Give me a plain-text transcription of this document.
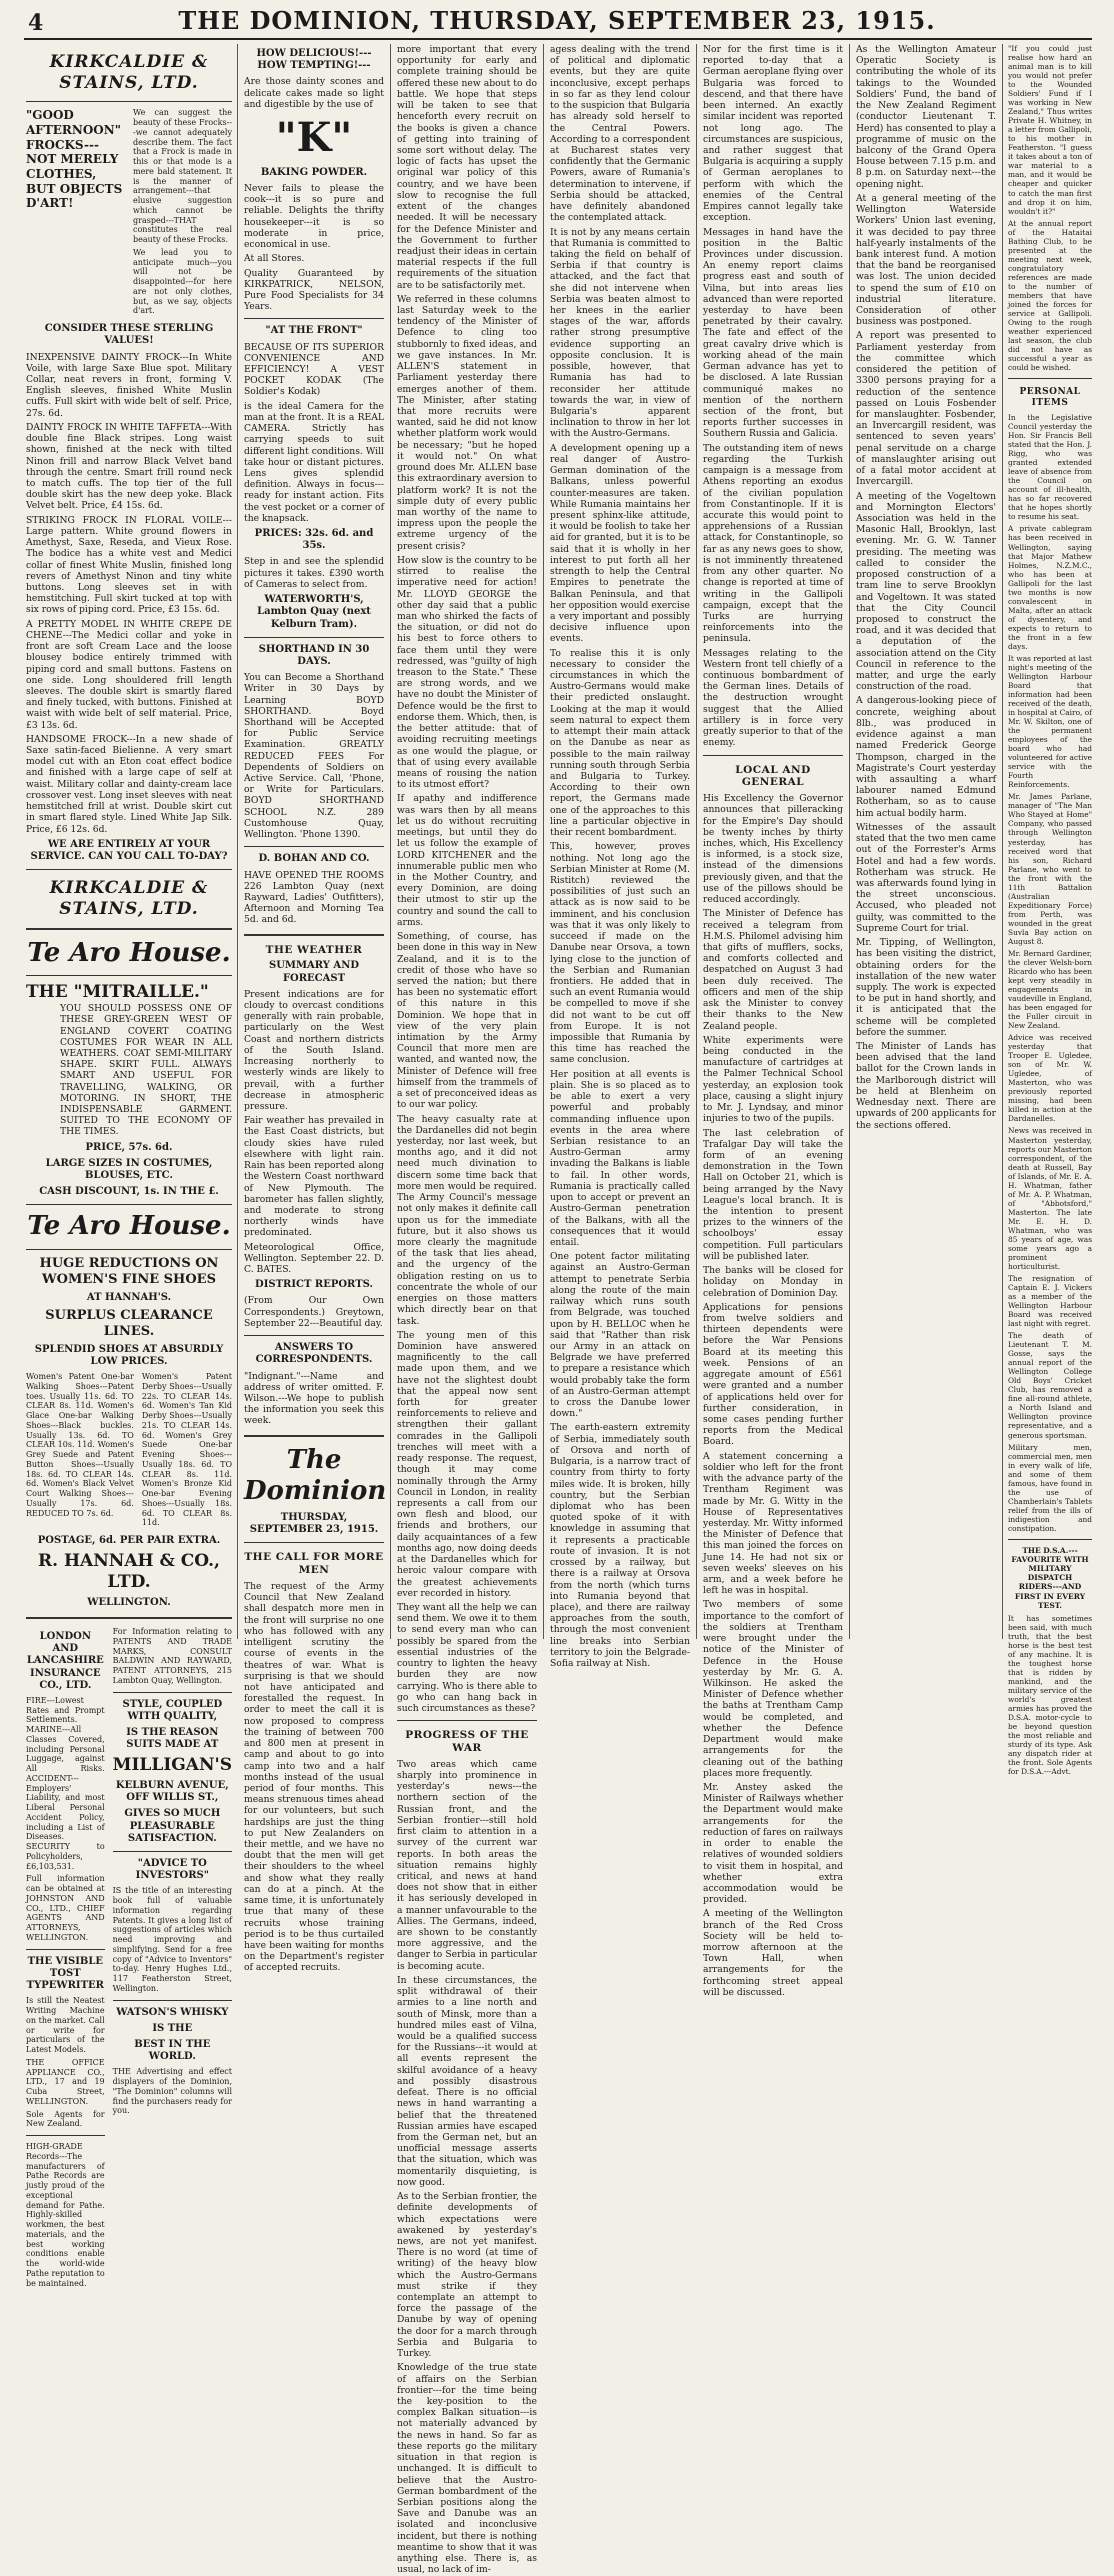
4	THE DOMINION, THURSDAY, SEPTEMBER 23, 1915.
KIRKCALDIE & STAINS, LTD.
"GOOD AFTERNOON" FROCKS---NOT MERELY CLOTHES, BUT OBJECTS D'ART!

We can suggest the beauty of these Frocks---we cannot adequately describe them. The fact that a Frock is made in this or that mode is a mere bald statement. It is the manner of arrangement---that elusive suggestion which cannot be grasped---THAT constitutes the real beauty of these Frocks.

We lead you to anticipate much---you will not be disappointed---for here are not only clothes, but, as we say, objects d'art.

CONSIDER THESE STERLING VALUES!

INEXPENSIVE DAINTY FROCK---In White Voile, with large Saxe Blue spot. Military Collar, neat revers in front, forming V. English sleeves, finished White Muslin cuffs. Full skirt with wide belt of self. Price, 27s. 6d.

DAINTY FROCK IN WHITE TAFFETA---With double fine Black stripes. Long waist shown, finished at the neck with tilted Ninon frill and narrow Black Velvet band through the centre. Smart frill round neck to match cuffs. The top tier of the full double skirt has the new deep yoke. Black Velvet belt. Price, £4 15s. 6d.

STRIKING FROCK IN FLORAL VOILE---Large pattern. White ground flowers in Amethyst, Saxe, Reseda, and Vieux Rose. The bodice has a white vest and Medici collar of finest White Muslin, finished long revers of Amethyst Ninon and tiny white buttons. Long sleeves set in with hemstitching. Full skirt tucked at top with six rows of piping cord. Price, £3 15s. 6d.

A PRETTY MODEL IN WHITE CREPE DE CHENE---The Medici collar and yoke in front are soft Cream Lace and the loose blousey bodice entirely trimmed with piping cord and small buttons. Fastens on one side. Long shouldered frill length sleeves. The double skirt is smartly flared and finely tucked, with buttons. Finished at waist with wide belt of self material. Price, £3 13s. 6d.

HANDSOME FROCK---In a new shade of Saxe satin-faced Bielienne. A very smart model cut with an Eton coat effect bodice and finished with a large cape of self at waist. Military collar and dainty-cream lace crossover vest. Long inset sleeves with neat hemstitched frill at wrist. Double skirt cut in smart flared style. Lined White Jap Silk. Price, £6 12s. 6d.

WE ARE ENTIRELY AT YOUR SERVICE. CAN YOU CALL TO-DAY?
KIRKCALDIE & STAINS, LTD.
Te Aro House.
THE "MITRAILLE."

YOU SHOULD POSSESS ONE OF THESE GREY-GREEN WEST OF ENGLAND COVERT COATING COSTUMES FOR WEAR IN ALL WEATHERS. COAT SEMI-MILITARY SHAPE. SKIRT FULL. ALWAYS SMART AND USEFUL FOR TRAVELLING, WALKING, OR MOTORING. IN SHORT, THE INDISPENSABLE GARMENT. SUITED TO THE ECONOMY OF THE TIMES.

PRICE, 57s. 6d.
LARGE SIZES IN COSTUMES, BLOUSES, ETC.
CASH DISCOUNT, 1s. IN THE £.
Te Aro House.
HUGE REDUCTIONS ON WOMEN'S FINE SHOES
AT HANNAH'S.
SURPLUS CLEARANCE LINES.
SPLENDID SHOES AT ABSURDLY LOW PRICES.

Women's Patent One-bar Walking Shoes---Patent toes. Usually 11s. 6d. TO CLEAR 8s. 11d. Women's Glace One-bar Walking Shoes---Black buckles. Usually 13s. 6d. TO CLEAR 10s. 11d. Women's Grey Suede and Patent Button Shoes---Usually 18s. 6d. TO CLEAR 14s. 6d. Women's Black Velvet Court Walking Shoes---Usually 17s. 6d. REDUCED TO 7s. 6d.

Women's Patent Derby Shoes---Usually 22s. TO CLEAR 14s. 6d. Women's Tan Kid Derby Shoes---Usually 21s. TO CLEAR 14s. 6d. Women's Grey Suede One-bar Evening Shoes---Usually 18s. 6d. TO CLEAR 8s. 11d. Women's Bronze Kid One-bar Evening Shoes---Usually 18s. 6d. TO CLEAR 8s. 11d.

POSTAGE, 6d. PER PAIR EXTRA.
R. HANNAH & CO., LTD.
WELLINGTON.
LONDON AND LANCASHIRE INSURANCE CO., LTD.

FIRE---Lowest Rates and Prompt Settlements. MARINE---All Classes Covered, including Personal Luggage, against All Risks. ACCIDENT---Employers' Liability, and most Liberal Personal Accident Policy, including a List of Diseases. SECURITY to Policyholders, £6,103,531.

Full information can be obtained at JOHNSTON AND CO., LTD., CHIEF AGENTS AND ATTORNEYS, WELLINGTON.

THE VISIBLE TOST TYPEWRITER

Is still the Neatest Writing Machine on the market. Call or write for particulars of the Latest Models.

THE OFFICE APPLIANCE CO., LTD., 17 and 19 Cuba Street, WELLINGTON.

Sole Agents for New Zealand.

HIGH-GRADE Records---The manufacturers of Pathe Records are justly proud of the exceptional demand for Pathe. Highly-skilled workmen, the best materials, and the best working conditions enable the world-wide Pathe reputation to be maintained.

For Information relating to PATENTS AND TRADE MARKS, CONSULT BALDWIN AND RAYWARD, PATENT ATTORNEYS, 215 Lambton Quay, Wellington.

STYLE, COUPLED WITH QUALITY,
IS THE REASON SUITS MADE AT
MILLIGAN'S
KELBURN AVENUE, OFF WILLIS ST.,
GIVES SO MUCH PLEASURABLE SATISFACTION.
"ADVICE TO INVESTORS"

IS the title of an interesting book full of valuable information regarding Patents. It gives a long list of suggestions of articles which need improving and simplifying. Send for a free copy of "Advice to Inventors" to-day. Henry Hughes Ltd., 117 Featherston Street, Wellington.

WATSON'S WHISKY
IS THE
BEST IN THE WORLD.

THE Advertising and effect displayers of the Dominion, "The Dominion" columns will find the purchasers ready for you.

HOW DELICIOUS!--- HOW TEMPTING!---

Are those dainty scones and delicate cakes made so light and digestible by the use of

"K"
BAKING POWDER.

Never fails to please the cook---it is so pure and reliable. Delights the thrifty housekeeper---it is so moderate in price, economical in use.

At all Stores.

Quality Guaranteed by KIRKPATRICK, NELSON, Pure Food Specialists for 34 Years.

"AT THE FRONT"

BECAUSE OF ITS SUPERIOR CONVENIENCE AND EFFICIENCY! A VEST POCKET KODAK (The Soldier's Kodak)

is the ideal Camera for the man at the front. It is a REAL CAMERA. Strictly has carrying speeds to suit different light conditions. Will take hour or distant pictures. Lens gives splendid definition. Always in focus---ready for instant action. Fits the vest pocket or a corner of the knapsack.

PRICES: 32s. 6d. and 35s.

Step in and see the splendid pictures it takes. £390 worth of Cameras to select from.

WATERWORTH'S, Lambton Quay (next Kelburn Tram).
SHORTHAND IN 30 DAYS.

You can Become a Shorthand Writer in 30 Days by Learning BOYD SHORTHAND. Boyd Shorthand will be Accepted for Public Service Examination. GREATLY REDUCED FEES For Dependents of Soldiers on Active Service. Call, 'Phone, or Write for Particulars. BOYD SHORTHAND SCHOOL N.Z. 289 Customhouse Quay, Wellington. 'Phone 1390.

D. BOHAN AND CO.

HAVE OPENED THE ROOMS 226 Lambton Quay (next Rayward, Ladies' Outfitters), Afternoon and Morning Tea 5d. and 6d.

THE WEATHER
SUMMARY AND FORECAST

Present indications are for cloudy to overcast conditions generally with rain probable, particularly on the West Coast and northern districts of the South Island. Increasing northerly to westerly winds are likely to prevail, with a further decrease in atmospheric pressure.

Fair weather has prevailed in the East Coast districts, but cloudy skies have ruled elsewhere with light rain. Rain has been reported along the Western Coast northward of New Plymouth. The barometer has fallen slightly, and moderate to strong northerly winds have predominated.

Meteorological Office, Wellington. September 22. D. C. BATES.

DISTRICT REPORTS.

(From Our Own Correspondents.) Greytown, September 22---Beautiful day.

ANSWERS TO CORRESPONDENTS.

"Indignant."---Name and address of writer omitted. F. Wilson.---We hope to publish the information you seek this week.

The Dominion
THURSDAY, SEPTEMBER 23, 1915.
THE CALL FOR MORE MEN

The request of the Army Council that New Zealand shall despatch more men in the front will surprise no one who has followed with any intelligent scrutiny the course of events in the theatres of war. What is surprising is that we should not have anticipated and forestalled the request. In order to meet the call it is now proposed to compress the training of between 700 and 800 men at present in camp and about to go into camp into two and a half months instead of the usual period of four months. This means strenuous times ahead for our volunteers, but such hardships are just the thing to put New Zealanders on their mettle, and we have no doubt that the men will get their shoulders to the wheel and show what they really can do at a pinch. At the same time, it is unfortunately true that many of these recruits whose training period is to be thus curtailed have been waiting for months on the Department's register of accepted recruits.

more important that every opportunity for early and complete training should be offered these new about to do battle. We hope that steps will be taken to see that henceforth every recruit on the books is given a chance of getting into training of some sort without delay. The logic of facts has upset the original war policy of this country, and we have been slow to recognise the full extent of the changes needed. It will be necessary for the Defence Minister and the Government to further readjust their ideas in certain material respects if the full requirements of the situation are to be satisfactorily met.

We referred in these columns last Saturday week to the tendency of the Minister of Defence to cling too stubbornly to fixed ideas, and we gave instances. In Mr. ALLEN'S statement in Parliament yesterday there emerges another of them. The Minister, after stating that more recruits were wanted, said he did not know whether platform work would be necessary; "but he hoped it would not." On what ground does Mr. ALLEN base this extraordinary aversion to platform work? It is not the simple duty of every public man worthy of the name to impress upon the people the extreme urgency of the present crisis?

How slow is the country to be stirred to realise the imperative need for action! Mr. LLOYD GEORGE the other day said that a public man who shirked the facts of the situation, or did not do his best to force others to face them until they were redressed, was "guilty of high treason to the State." These are strong words, and we have no doubt the Minister of Defence would be the first to endorse them. Which, then, is the better attitude: that of avoiding recruiting meetings as one would the plague, or that of using every available means of rousing the nation to its utmost effort?

If apathy and indifference was wars then by all means let us do without recruiting meetings, but until they do let us follow the example of LORD KITCHENER and the innumerable public men who in the Mother Country, and every Dominion, are doing their utmost to stir up the country and sound the call to arms.

Something, of course, has been done in this way in New Zealand, and it is to the credit of those who have so served the nation; but there has been no systematic effort of this nature in this Dominion. We hope that in view of the very plain intimation by the Army Council that more men are wanted, and wanted now, the Minister of Defence will free himself from the trammels of a set of preconceived ideas as to our war policy.

The heavy casualty rate at the Dardanelles did not begin yesterday, nor last week, but months ago, and it did not need much divination to discern some time back that more men would be required. The Army Council's message not only makes it definite call upon us for the immediate future, but it also shows us more clearly the magnitude of the task that lies ahead, and the urgency of the obligation resting on us to concentrate the whole of our energies on those matters which directly bear on that task.

The young men of this Dominion have answered magnificently to the call made upon them, and we have not the slightest doubt that the appeal now sent forth for greater reinforcements to relieve and strengthen their gallant comrades in the Gallipoli trenches will meet with a ready response. The request, though it may come nominally through the Army Council in London, in reality represents a call from our own flesh and blood, our friends and brothers, our daily acquaintances of a few months ago, now doing deeds at the Dardanelles which for heroic valour compare with the greatest achievements ever recorded in history.

They want all the help we can send them. We owe it to them to send every man who can possibly be spared from the essential industries of the country to lighten the heavy burden they are now carrying. Who is there able to go who can hang back in such circumstances as these?

PROGRESS OF THE WAR

Two areas which came sharply into prominence in yesterday's news---the northern section of the Russian front, and the Serbian frontier---still hold first claim to attention in a survey of the current war reports. In both areas the situation remains highly critical, and news at hand does not show that in either it has seriously developed in a manner unfavourable to the Allies. The Germans, indeed, are shown to be constantly more aggressive, and the danger to Serbia in particular is becoming acute.

In these circumstances, the split withdrawal of their armies to a line north and south of Minsk, more than a hundred miles east of Vilna, would be a qualified success for the Russians---it would at all events represent the skilful avoidance of a heavy and possibly disastrous defeat. There is no official news in hand warranting a belief that the threatened Russian armies have escaped from the German net, but an unofficial message asserts that the situation, which was momentarily disquieting, is now good.

As to the Serbian frontier, the definite developments of which expectations were awakened by yesterday's news, are not yet manifest. There is no word (at time of writing) of the heavy blow which the Austro-Germans must strike if they contemplate an attempt to force the passage of the Danube by way of opening the door for a march through Serbia and Bulgaria to Turkey.

Knowledge of the true state of affairs on the Serbian frontier---for the time being the key-position to the complex Balkan situation---is not materially advanced by the news in hand. So far as these reports go the military situation in that region is unchanged. It is difficult to believe that the Austro-German bombardment of the Serbian positions along the Save and Danube was an isolated and inconclusive incident, but there is nothing meantime to show that it was anything else. There is, as usual, no lack of im-

agess dealing with the trend of political and diplomatic events, but they are quite inconclusive, except perhaps in so far as they lend colour to the suspicion that Bulgaria has already sold herself to the Central Powers. According to a correspondent at Bucharest states very confidently that the Germanic Powers, aware of Rumania's determination to intervene, if Serbia should be attacked, have definitely abandoned the contemplated attack.

It is not by any means certain that Rumania is committed to taking the field on behalf of Serbia if that country is attacked, and the fact that she did not intervene when Serbia was beaten almost to her knees in the earlier stages of the war, affords rather strong presumptive evidence supporting an opposite conclusion. It is possible, however, that Rumania has had to reconsider her attitude towards the war, in view of Bulgaria's apparent inclination to throw in her lot with the Austro-Germans.

A development opening up a real danger of Austro-German domination of the Balkans, unless powerful counter-measures are taken. While Rumania maintains her present sphinx-like attitude, it would be foolish to take her aid for granted, but it is to be said that it is wholly in her interest to put forth all her strength to help the Central Empires to penetrate the Balkan Peninsula, and that her opposition would exercise a very important and possibly decisive influence upon events.

To realise this it is only necessary to consider the circumstances in which the Austro-Germans would make their predicted onslaught. Looking at the map it would seem natural to expect them to attempt their main attack on the Danube as near as possible to the main railway running south through Serbia and Bulgaria to Turkey. According to their own report, the Germans made one of the approaches to this line a particular objective in their recent bombardment.

This, however, proves nothing. Not long ago the Serbian Minister at Rome (M. Ristitch) reviewed the possibilities of just such an attack as is now said to be imminent, and his conclusion was that it was only likely to succeed if made on the Danube near Orsova, a town lying close to the junction of the Serbian and Rumanian frontiers. He added that in such an event Rumania would be compelled to move if she did not want to be cut off from Europe. It is not impossible that Rumania by this time has reached the same conclusion.

Her position at all events is plain. She is so placed as to be able to exert a very powerful and probably commanding influence upon events in the area where Serbian resistance to an Austro-German army invading the Balkans is liable to fail. In other words, Rumania is practically called upon to accept or prevent an Austro-German penetration of the Balkans, with all the consequences that it would entail.

One potent factor militating against an Austro-German attempt to penetrate Serbia along the route of the main railway which runs south from Belgrade, was touched upon by H. BELLOC when he said that "Rather than risk our Army in an attack on Belgrade we have preferred to prepare a resistance which would probably take the form of an Austro-German attempt to cross the Danube lower down."

The earth-eastern extremity of Serbia, immediately south of Orsova and north of Bulgaria, is a narrow tract of country from thirty to forty miles wide. It is broken, hilly country, but the Serbian diplomat who has been quoted spoke of it with knowledge in assuming that it represents a practicable route of invasion. It is not crossed by a railway, but there is a railway at Orsova from the north (which turns into Rumania beyond that place), and there are railway approaches from the south, through the most convenient line breaks into Serbian territory to join the Belgrade-Sofia railway at Nish.

Nor for the first time is it reported to-day that a German aeroplane flying over Bulgaria was forced to descend, and that there have been interned. An exactly similar incident was reported not long ago. The circumstances are suspicious, and rather suggest that Bulgaria is acquiring a supply of German aeroplanes to perform with which the enemies of the Central Empires cannot legally take exception.

Messages in hand have the position in the Baltic Provinces under discussion. An enemy report claims progress east and south of Vilna, but into areas lies advanced than were reported yesterday to have been penetrated by their cavalry. The fate and effect of the great cavalry drive which is working ahead of the main German advance has yet to be disclosed. A late Russian communiqué makes no mention of the northern section of the front, but reports further successes in Southern Russia and Galicia.

The outstanding item of news regarding the Turkish campaign is a message from Athens reporting an exodus of the civilian population from Constantinople. If it is accurate this would point to apprehensions of a Russian attack, for Constantinople, so far as any news goes to show, is not imminently threatened from any other quarter. No change is reported at time of writing in the Gallipoli campaign, except that the Turks are hurrying reinforcements into the peninsula.

Messages relating to the Western front tell chiefly of a continuous bombardment of the German lines. Details of the destruction wrought suggest that the Allied artillery is in force very greatly superior to that of the enemy.

LOCAL AND GENERAL

His Excellency the Governor announces that pilleracking for the Empire's Day should be twenty inches by thirty inches, which, His Excellency is informed, is a stock size, instead of the dimensions previously given, and that the use of the pillows should be reduced accordingly.

The Minister of Defence has received a telegram from H.M.S. Philomel advising him that gifts of mufflers, socks, and comforts collected and despatched on August 3 had been duly received. The officers and men of the ship ask the Minister to convey their thanks to the New Zealand people.

White experiments were being conducted in the manufacture of cartridges at the Palmer Technical School yesterday, an explosion took place, causing a slight injury to Mr. J. Lyndsay, and minor injuries to two of the pupils.

The last celebration of Trafalgar Day will take the form of an evening demonstration in the Town Hall on October 21, which is being arranged by the Navy League's local branch. It is the intention to present prizes to the winners of the schoolboys' essay competition. Full particulars will be published later.

The banks will be closed for holiday on Monday in celebration of Dominion Day.

Applications for pensions from twelve soldiers and thirteen dependents were before the War Pensions Board at its meeting this week. Pensions of an aggregate amount of £561 were granted and a number of applications held over for further consideration, in some cases pending further reports from the Medical Board.

A statement concerning a soldier who left for the front with the advance party of the Trentham Regiment was made by Mr. G. Witty in the House of Representatives yesterday. Mr. Witty informed the Minister of Defence that this man joined the forces on June 14. He had not six or seven weeks' sleeves on his arm, and a week before he left he was in hospital.

Two members of some importance to the comfort of the soldiers at Trentham were brought under the notice of the Minister of Defence in the House yesterday by Mr. G. A. Wilkinson. He asked the Minister of Defence whether the baths at Trentham Camp would be completed, and whether the Defence Department would make arrangements for the cleaning out of the bathing places more frequently.

Mr. Anstey asked the Minister of Railways whether the Department would make arrangements for the reduction of fares on railways in order to enable the relatives of wounded soldiers to visit them in hospital, and whether extra accommodation would be provided.

A meeting of the Wellington branch of the Red Cross Society will be held to-morrow afternoon at the Town Hall, when arrangements for the forthcoming street appeal will be discussed.

As the Wellington Amateur Operatic Society is contributing the whole of its takings to the Wounded Soldiers' Fund, the band of the New Zealand Regiment (conductor Lieutenant T. Herd) has consented to play a programme of music on the balcony of the Grand Opera House between 7.15 p.m. and 8 p.m. on Saturday next---the opening night.

At a general meeting of the Wellington Waterside Workers' Union last evening, it was decided to pay three half-yearly instalments of the bank interest fund. A motion that the band be reorganised was lost. The union decided to spend the sum of £10 on industrial literature. Consideration of other business was postponed.

A report was presented to Parliament yesterday from the committee which considered the petition of 3300 persons praying for a reduction of the sentence passed on Louis Fosbender for manslaughter. Fosbender, an Invercargill resident, was sentenced to seven years' penal servitude on a charge of manslaughter arising out of a fatal motor accident at Invercargill.

A meeting of the Vogeltown and Mornington Electors' Association was held in the Masonic Hall, Brooklyn, last evening. Mr. G. W. Tanner presiding. The meeting was called to consider the proposed construction of a tram line to serve Brooklyn and Vogeltown. It was stated that the City Council proposed to construct the road, and it was decided that a deputation of the association attend on the City Council in reference to the matter, and urge the early construction of the road.

A dangerous-looking piece of concrete, weighing about 8lb., was produced in evidence against a man named Frederick George Thompson, charged in the Magistrate's Court yesterday with assaulting a wharf labourer named Edmund Rotherham, so as to cause him actual bodily harm.

Witnesses of the assault stated that the two men came out of the Forrester's Arms Hotel and had a few words. Rotherham was struck. He was afterwards found lying in the street unconscious. Accused, who pleaded not guilty, was committed to the Supreme Court for trial.

Mr. Tipping, of Wellington, has been visiting the district, obtaining orders for the installation of the new water supply. The work is expected to be put in hand shortly, and it is anticipated that the scheme will be completed before the summer.

The Minister of Lands has been advised that the land ballot for the Crown lands in the Marlborough district will be held at Blenheim on Wednesday next. There are upwards of 200 applicants for the sections offered.

"If you could just realise how hard an animal man is to kill you would not prefer to the Wounded Soldiers' Fund if I was working in New Zealand," Thus writes Private H. Whitney, in a letter from Gallipoli, to his mother in Featherston. "I guess it takes about a ton of war material to a man, and it would be cheaper and quicker to catch the man first and drop it on him, wouldn't it?"

At the annual report of the Hataitai Bathing Club, to be presented at the meeting next week, congratulatory references are made to the number of members that have joined the forces for service at Gallipoli. Owing to the rough weather experienced last season, the club did not have as successful a year as could be wished.

PERSONAL ITEMS

In the Legislative Council yesterday the Hon. Sir Francis Bell stated that the Hon. J. Rigg, who was granted extended leave of absence from the Council on account of ill-health, has so far recovered that he hopes shortly to resume his seat.

A private cablegram has been received in Wellington, saying that Major Mathew Holmes, N.Z.M.C., who has been at Gallipoli for the last two months is now convalescent in Malta, after an attack of dysentery, and expects to return to the front in a few days.

It was reported at last night's meeting of the Wellington Harbour Board that information had been received of the death, in hospital at Cairo, of Mr. W. Skilton, one of the permanent employees of the board who had volunteered for active service with the Fourth Reinforcements.

Mr. James Parlane, manager of "The Man Who Stayed at Home" Company, who passed through Wellington yesterday, has received word that his son, Richard Parlane, who went to the front with the 11th Battalion (Australian Expeditionary Force) from Perth, was wounded in the great Suvla Bay action on August 8.

Mr. Bernard Gardiner, the clever Welsh-born Ricardo who has been kept very steadily in engagements in vaudeville in England, has been engaged for the Fuller circuit in New Zealand.

Advice was received yesterday that Trooper E. Ugledee, son of Mr. W. Ugledee, of Masterton, who was previously reported missing, had been killed in action at the Dardanelles.

News was received in Masterton yesterday, reports our Masterton correspondent, of the death at Russell, Bay of Islands, of Mr. E. A. H. Whatman, father of Mr. A. P. Whatman, of "Abbotsford," Masterton. The late Mr. E. H. D. Whatman, who was 85 years of age, was some years ago a prominent horticulturist.

The resignation of Captain E. J. Vickers as a member of the Wellington Harbour Board was received last night with regret.

The death of Lieutenant T. M. Gosse, says the annual report of the Wellington College Old Boys' Cricket Club, has removed a fine all-round athlete, a North Island and Wellington province representative, and a generous sportsman.

Military men, commercial men, men in every walk of life, and some of them famous, have found in the use of Chamberlain's Tablets relief from the ills of indigestion and constipation.

THE D.S.A.---FAVOURITE WITH MILITARY DISPATCH RIDERS---AND FIRST IN EVERY TEST.

It has sometimes been said, with much truth, that the best horse is the best test of any machine. It is the toughest horse that is ridden by mankind, and the military service of the world's greatest armies has proved the D.S.A. motor-cycle to be beyond question the most reliable and sturdy of its type. Ask any dispatch rider at the front. Sole Agents for D.S.A.---Advt.
